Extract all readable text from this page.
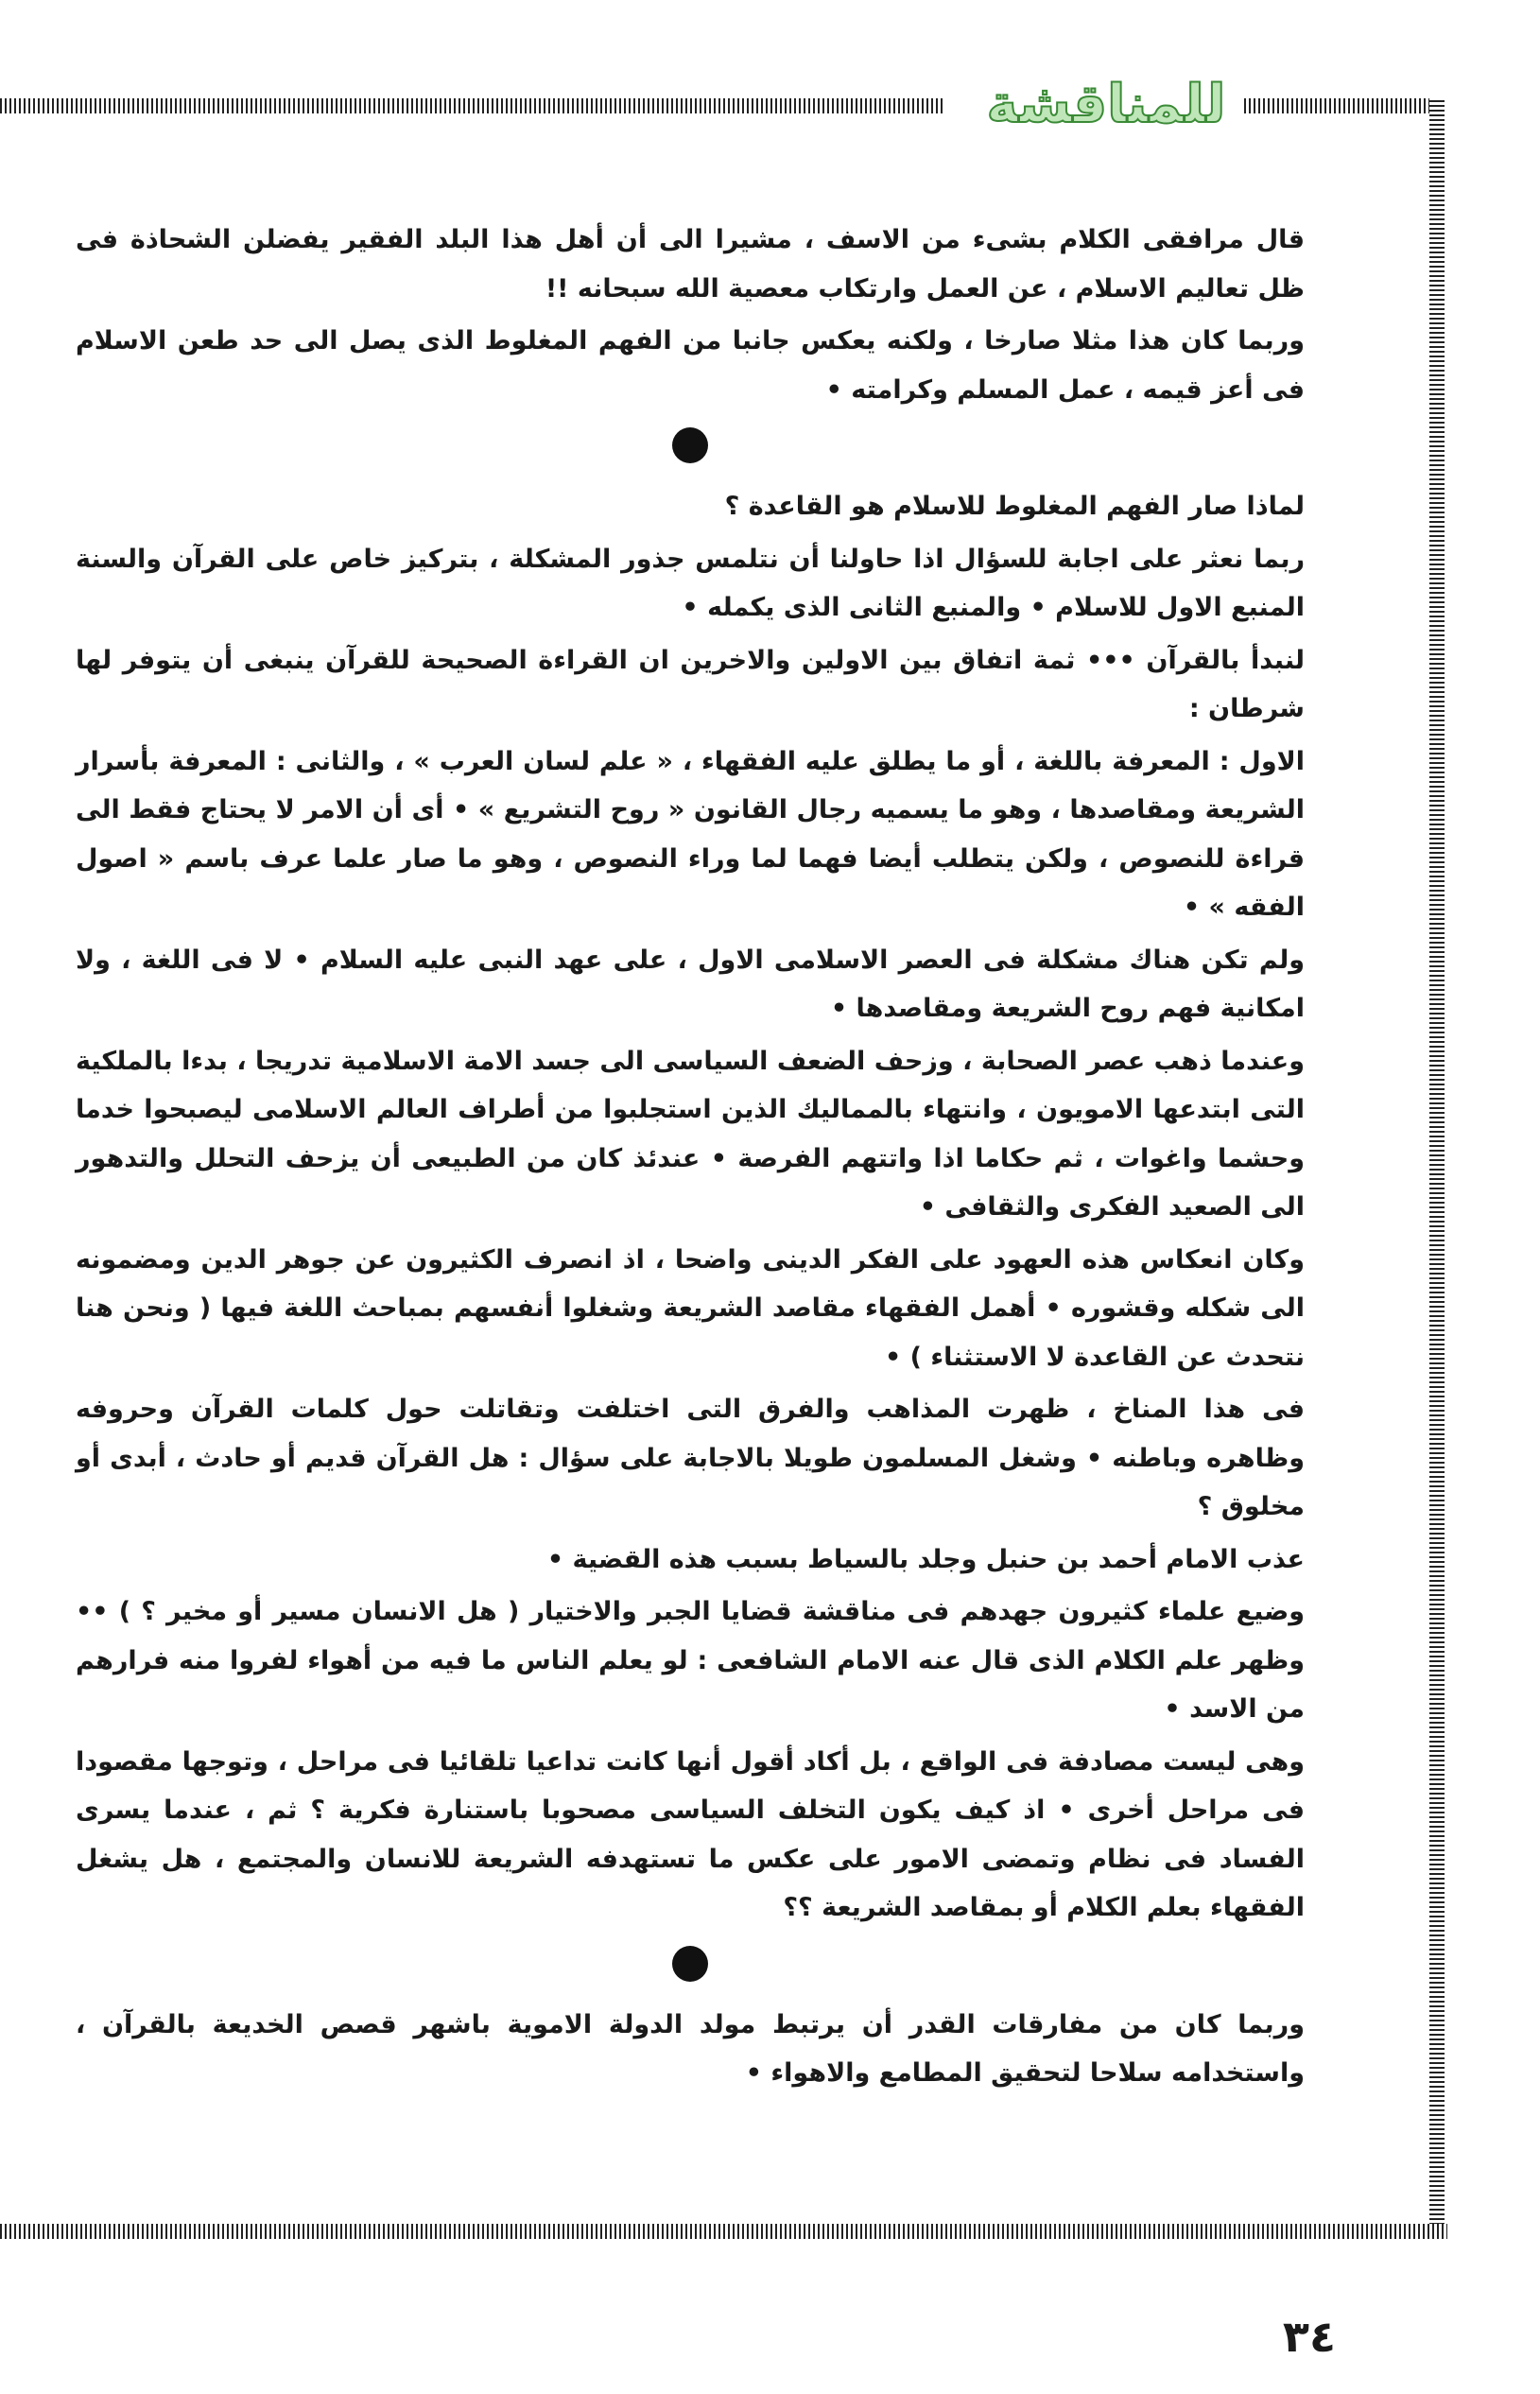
للمناقشة

قال مرافقى الكلام بشىء من الاسف ، مشيرا الى أن أهل هذا البلد الفقير يفضلن الشحاذة فى ظل تعاليم الاسلام ، عن العمل وارتكاب معصية الله سبحانه !!

وربما كان هذا مثلا صارخا ، ولكنه يعكس جانبا من الفهم المغلوط الذى يصل الى حد طعن الاسلام فى أعز قيمه ، عمل المسلم وكرامته •

لماذا صار الفهم المغلوط للاسلام هو القاعدة ؟

ربما نعثر على اجابة للسؤال اذا حاولنا أن نتلمس جذور المشكلة ، بتركيز خاص على القرآن والسنة المنبع الاول للاسلام • والمنبع الثانى الذى يكمله •

لنبدأ بالقرآن ••• ثمة اتفاق بين الاولين والاخرين ان القراءة الصحيحة للقرآن ينبغى أن يتوفر لها شرطان :

الاول : المعرفة باللغة ، أو ما يطلق عليه الفقهاء ، « علم لسان العرب » ، والثانى : المعرفة بأسرار الشريعة ومقاصدها ، وهو ما يسميه رجال القانون « روح التشريع » • أى أن الامر لا يحتاج فقط الى قراءة للنصوص ، ولكن يتطلب أيضا فهما لما وراء النصوص ، وهو ما صار علما عرف باسم « اصول الفقه » •

ولم تكن هناك مشكلة فى العصر الاسلامى الاول ، على عهد النبى عليه السلام • لا فى اللغة ، ولا امكانية فهم روح الشريعة ومقاصدها •

وعندما ذهب عصر الصحابة ، وزحف الضعف السياسى الى جسد الامة الاسلامية تدريجا ، بدءا بالملكية التى ابتدعها الامويون ، وانتهاء بالمماليك الذين استجلبوا من أطراف العالم الاسلامى ليصبحوا خدما وحشما واغوات ، ثم حكاما اذا واتتهم الفرصة • عندئذ كان من الطبيعى أن يزحف التحلل والتدهور الى الصعيد الفكرى والثقافى •

وكان انعكاس هذه العهود على الفكر الدينى واضحا ، اذ انصرف الكثيرون عن جوهر الدين ومضمونه الى شكله وقشوره • أهمل الفقهاء مقاصد الشريعة وشغلوا أنفسهم بمباحث اللغة فيها ( ونحن هنا نتحدث عن القاعدة لا الاستثناء ) •

فى هذا المناخ ، ظهرت المذاهب والفرق التى اختلفت وتقاتلت حول كلمات القرآن وحروفه وظاهره وباطنه • وشغل المسلمون طويلا بالاجابة على سؤال : هل القرآن قديم أو حادث ، أبدى أو مخلوق ؟

عذب الامام أحمد بن حنبل وجلد بالسياط بسبب هذه القضية •

وضيع علماء كثيرون جهدهم فى مناقشة قضايا الجبر والاختيار ( هل الانسان مسير أو مخير ؟ ) •• وظهر علم الكلام الذى قال عنه الامام الشافعى : لو يعلم الناس ما فيه من أهواء لفروا منه فرارهم من الاسد •

وهى ليست مصادفة فى الواقع ، بل أكاد أقول أنها كانت تداعيا تلقائيا فى مراحل ، وتوجها مقصودا فى مراحل أخرى • اذ كيف يكون التخلف السياسى مصحوبا باستنارة فكرية ؟ ثم ، عندما يسرى الفساد فى نظام وتمضى الامور على عكس ما تستهدفه الشريعة للانسان والمجتمع ، هل يشغل الفقهاء بعلم الكلام أو بمقاصد الشريعة ؟؟

وربما كان من مفارقات القدر أن يرتبط مولد الدولة الاموية باشهر قصص الخديعة بالقرآن ، واستخدامه سلاحا لتحقيق المطامع والاهواء •

٣٤
